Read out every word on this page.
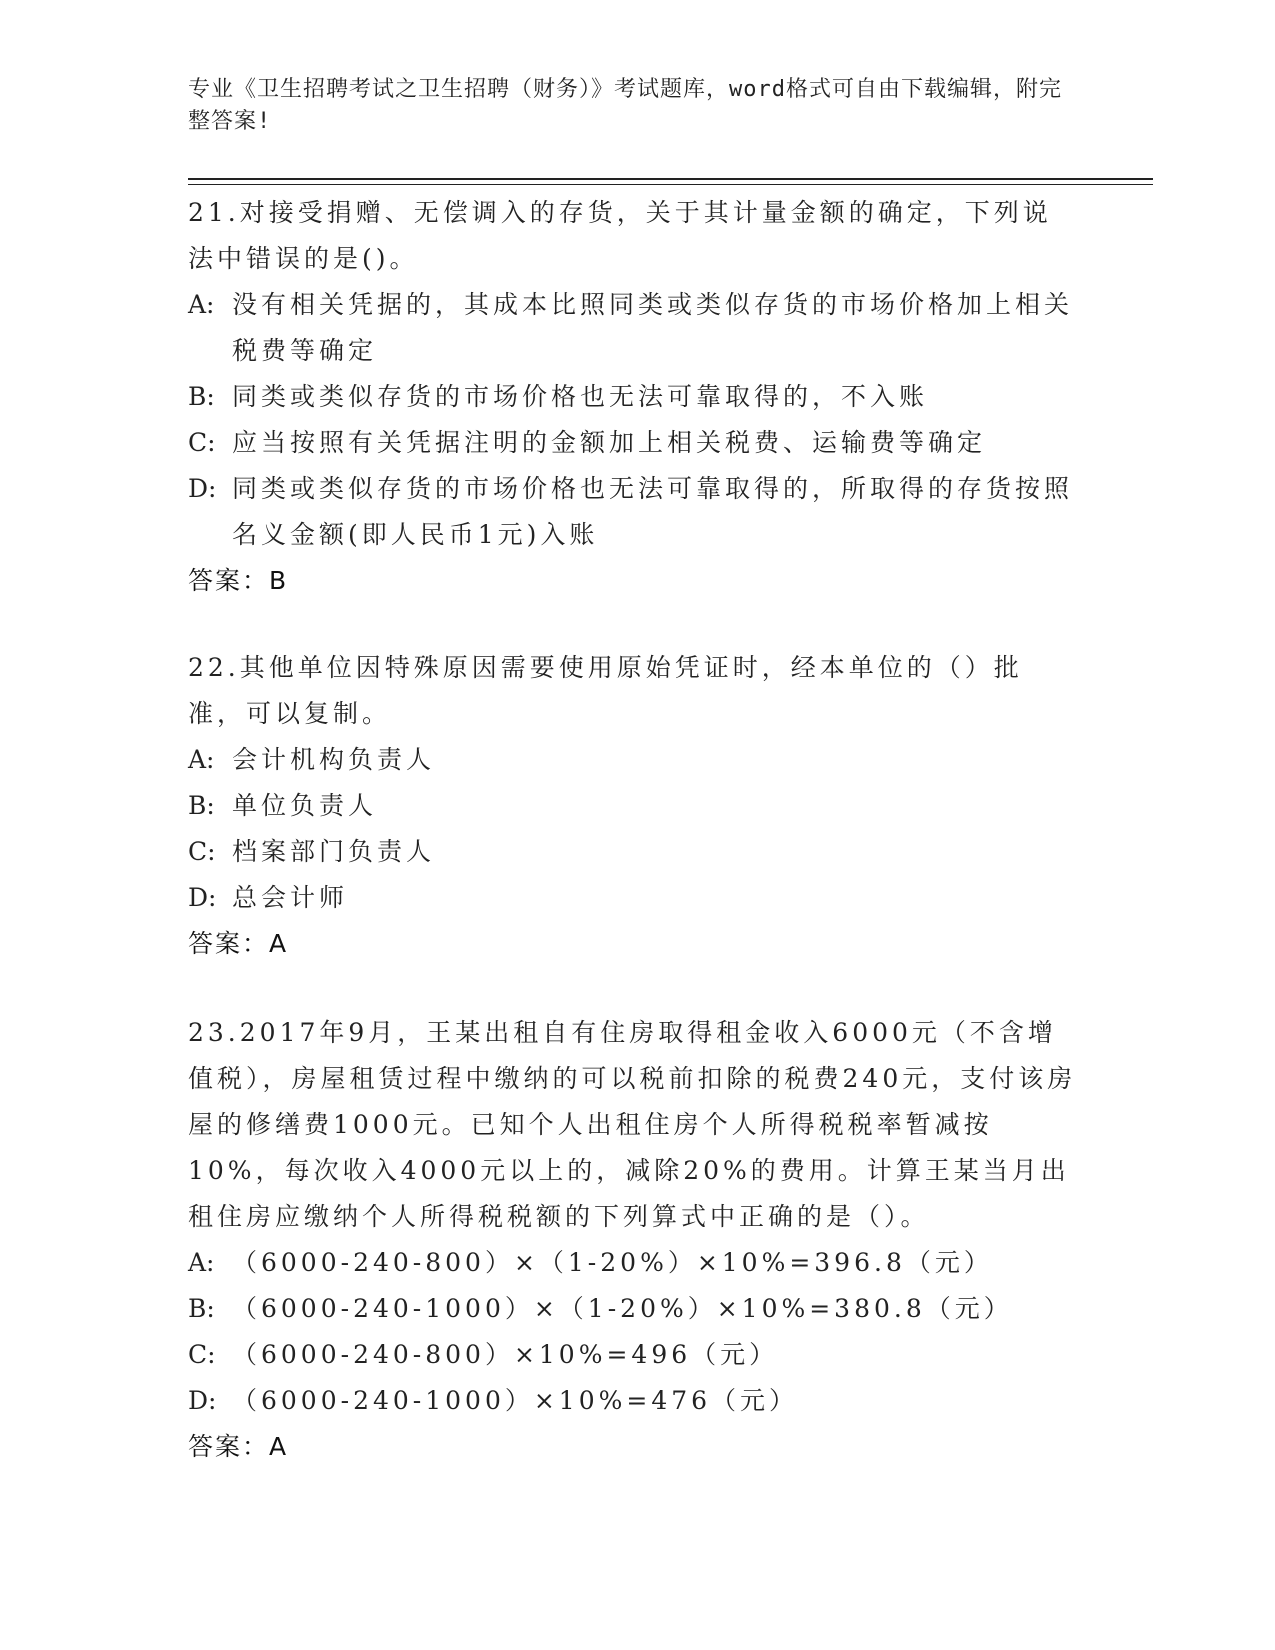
专业《卫生招聘考试之卫生招聘（财务）》考试题库，word格式可自由下载编辑，附完整答案!

21.对接受捐赠、无偿调入的存货，关于其计量金额的确定，下列说法中错误的是()。

A: 没有相关凭据的，其成本比照同类或类似存货的市场价格加上相关税费等确定

B: 同类或类似存货的市场价格也无法可靠取得的，不入账

C: 应当按照有关凭据注明的金额加上相关税费、运输费等确定

D: 同类或类似存货的市场价格也无法可靠取得的，所取得的存货按照名义金额(即人民币1元)入账

答案：B

22.其他单位因特殊原因需要使用原始凭证时，经本单位的（）批准，可以复制。

A: 会计机构负责人

B: 单位负责人

C: 档案部门负责人

D: 总会计师

答案：A

23.2017年9月，王某出租自有住房取得租金收入6000元（不含增值税），房屋租赁过程中缴纳的可以税前扣除的税费240元，支付该房屋的修缮费1000元。已知个人出租住房个人所得税税率暂减按10%，每次收入4000元以上的，减除20%的费用。计算王某当月出租住房应缴纳个人所得税税额的下列算式中正确的是（）。

A: （6000-240-800）×（1-20%）×10%=396.8（元）

B: （6000-240-1000）×（1-20%）×10%=380.8（元）

C: （6000-240-800）×10%=496（元）

D: （6000-240-1000）×10%=476（元）

答案：A
